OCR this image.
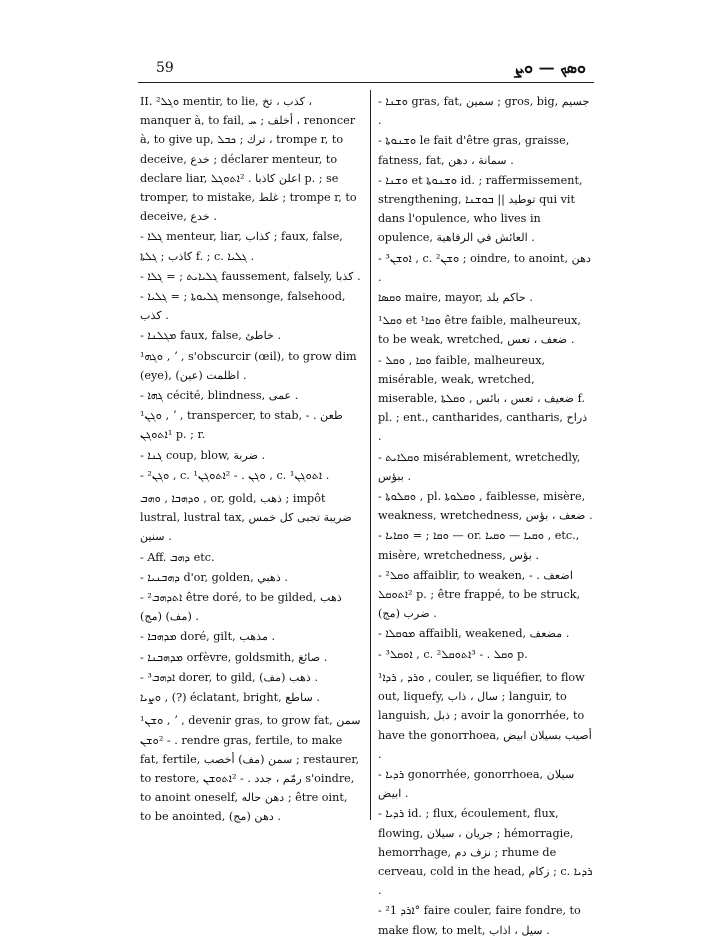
59	ܘܣܟ — ܘܨ

II. ²ܘܓܠ mentir, to lie, كذب ، تخ ، manquer à, to fail, أخلف ; ܚ ، renoncer à, to give up, ترك ; ܟܒܠ ، trompe r, to deceive, خدع ; déclarer menteur, to declare liar, اعلن كاذبا . ²ܐܬܘܓܠ p. ; se tromper, to mistake, غلط ; trompe r, to deceive, خدع .

- ܓܠܐ menteur, liar, كذاب ; faux, false, كاذب ; ܓܠܬܐ f. ; c. ܓܠܝܐ .

- ܓܠܝܐܝܬ ; = ܓܠܐ faussement, falsely, كذبا .

- ܓܠܝܘܬܐ ; = ܓܠܝܐ mensonge, falsehood, كذب .

- ܡܓܠܢܐ faux, false, خاطئ .

¹ܘܓܗ , ʼ , s'obscurcir (œil), to grow dim (eye), اظلمت (عين) .

- ܓܗܐ cécité, blindness, عمى .

¹ܘܓܢ , ʼ , transpercer, to stab, طعن . - ¹ܐܬܘܓܢ p. ; r.

- ܓܢܐ coup, blow, ضربة .

- ²ܘܓܢ , c. ¹ܘܓܢ . - ²ܐܬܘܓܢ , c. ¹ܐܬܘܓܢ .

ܘܕܗܒܐ , ܘܗܒ , or, gold, ذهب ; impôt lustral, lustral tax, ضريبة تجبى كل خمس سنين .

- Aff. ܕܗܒ etc.

- ܕܗܒܢܝܐ d'or, golden, ذهبي .

- ²ܐܬܕܗܒ être doré, to be gilded, ذهب (مف) (مج) .

- ܡܕܗܒܐ doré, gilt, مذهب .

- ܡܕܗܒܢܐ orfèvre, goldsmith, صائغ .

- ³ܐܕܗܒ dorer, to gild, ذهب (مف) .

ܘܨܝܐ , (?) éclatant, bright, ساطع .

¹ܘܫܢ , ʼ , devenir gras, to grow fat, سمن . - ²ܘܫܢ rendre gras, fertile, to make fat, fertile, سمن (مف) أخصب ; restaurer, to restore, رمّم ، جدد . - ²ܐܬܘܫܢ s'oindre, to anoint oneself, دهن حاله ; être oint, to be anointed, دهن (مج) .

- ܘܫܢܐ gras, fat, سمين ; gros, big, جسيم .

- ܘܫܢܘܬܐ le fait d'être gras, graisse, fatness, fat, سمانة ، دهن .

- ܘܫܢܐ et ܘܫܢܘܬܐ id. ; raffermissement, strengthening, توطيد || ܒܘܫܢܐ qui vit dans l'opulence, who lives in opulence, العائش في الرفاهية .

- ³ܐܘܫܢ , c. ²ܘܫܢ ; oindre, to anoint, دهن .

ܘܩܣܐ maire, mayor, حاكم بلد .

¹ܘܩܠ et ¹ܘܩܐ être faible, malheureux, to be weak, wretched, ضعف ، تعس .

- ܘܩܐ , ܘܩܠ faible, malheureux, misérable, weak, wretched, miserable, ضعيف ، تعس ، بائس , ܘܩܠܬܐ f. pl. ; ent., cantharides, cantharis, ذراح .

- ܘܩܠܐܝܬ misérablement, wretchedly, ببؤس .

- ܘܩܠܘܬܐ , pl. ܘܩܠܘܬܐ , faiblesse, misère, weakness, wretchedness, ضعف ، بؤس .

- ܘܩܐ ; = ܘܩܐܝܐ — or. ܘܩܝܐ — ܘܩܝܐ , etc., misère, wretchedness, بؤس .

- ²ܘܩܠ affaiblir, to weaken, اضعف . - ²ܐܬܘܩܠ p. ; être frappé, to be struck, ضرب (مج) .

- ܡܘܩܠܐ affaibli, weakened, مضعف .

- ³ܐܘܩܠ , c. ²ܘܩܠ . - ³ܐܬܘܩܠ p.

¹ܘܪܕ , ܪܕܐ , couler, se liquéfier, to flow out, liquefy, سال ، ذاب ; languir, to languish, ذبل ; avoir la gonorrhée, to have the gonorrhoea, أصيب بسيلان ابيض .

- ܪܕܝܐ gonorrhée, gonorrhoea, سيلان ابيض .

- ܪܕܝܐ id. ; flux, écoulement, flux, flowing, جريان ، سيلان ; hémorragie, hemorrhage, نزف دم ; rhume de cerveau, cold in the head, زكام ; c. ܪܕܝܐ .

- ²ܐܪܕ 1° faire couler, faire fondre, to make flow, to melt, سيل ، اذاب .
